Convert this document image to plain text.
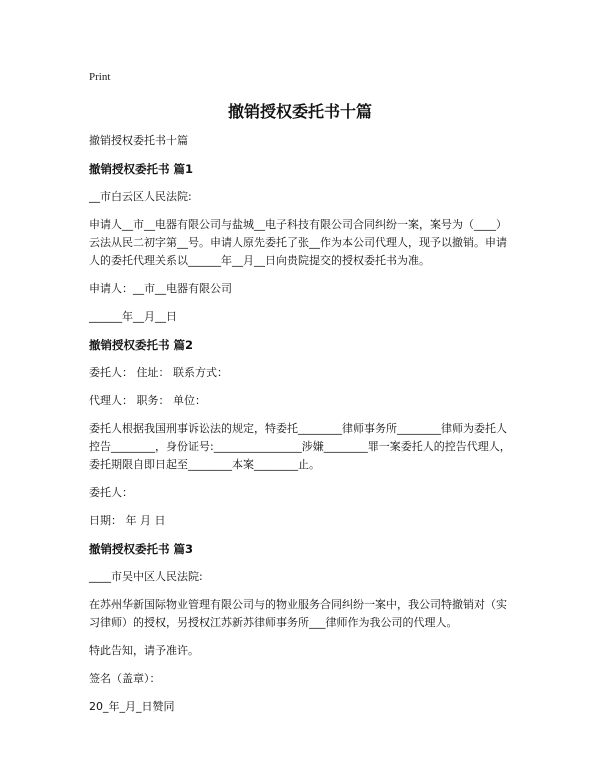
Print
撤销授权委托书十篇

撤销授权委托书十篇

撤销授权委托书 篇1

__市白云区人民法院:

申请人__市__电器有限公司与盐城__电子科技有限公司合同纠纷一案，案号为（____）云法从民二初字第__号。申请人原先委托了张__作为本公司代理人，现予以撤销。申请人的委托代理关系以______年__月__日向贵院提交的授权委托书为准。

申请人：__市__电器有限公司

______年__月__日

撤销授权委托书 篇2

委托人： 住址： 联系方式：

代理人： 职务： 单位：

委托人根据我国刑事诉讼法的规定，特委托________律师事务所________律师为委托人控告________，身份证号:________________涉嫌________罪一案委托人的控告代理人，委托期限自即日起至________本案________止。

委托人：

日期： 年 月 日

撤销授权委托书 篇3

____市吴中区人民法院:

在苏州华新国际物业管理有限公司与的物业服务合同纠纷一案中，我公司特撤销对（实习律师）的授权，另授权江苏新苏律师事务所___律师作为我公司的代理人。

特此告知，请予准许。

签名（盖章）：

20_年_月_日赞同
